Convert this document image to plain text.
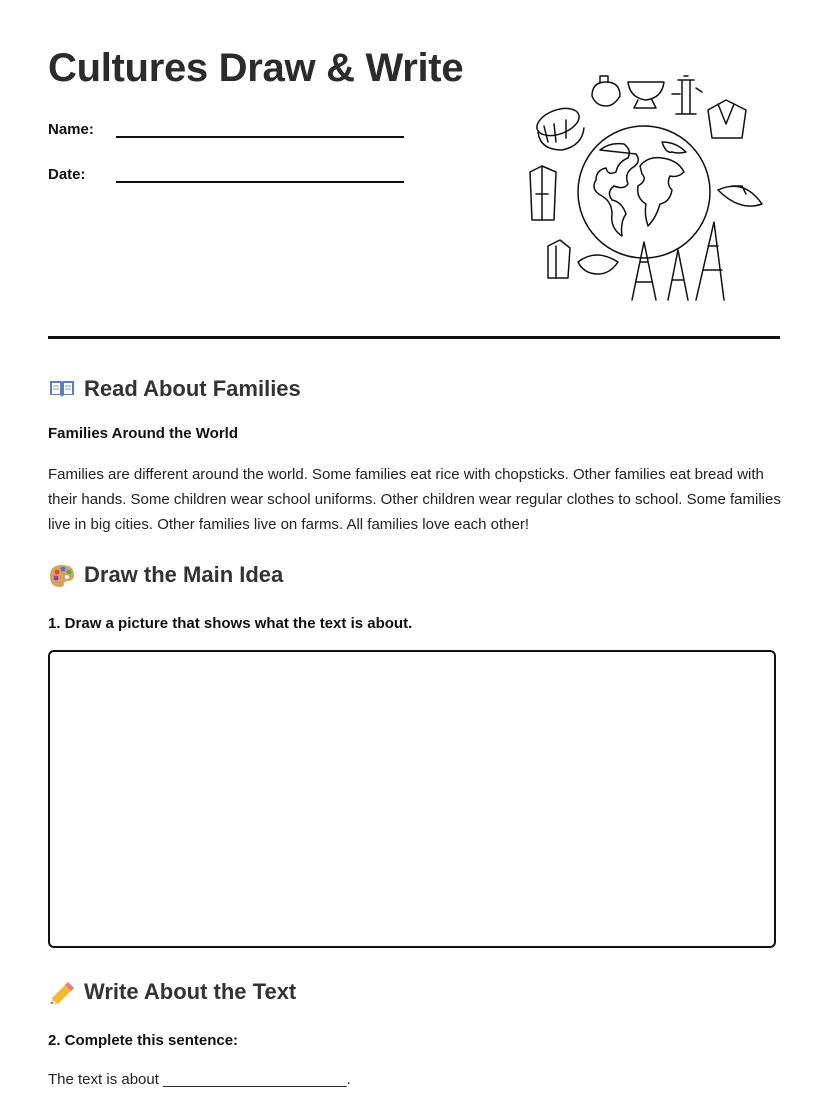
Cultures Draw & Write
Name:
Date:
Read About Families

Families Around the World

Families are different around the world. Some families eat rice with chopsticks. Other families eat bread with their hands. Some children wear school uniforms. Other children wear regular clothes to school. Some families live in big cities. Other families live on farms. All families love each other!

Draw the Main Idea

1. Draw a picture that shows what the text is about.

Write About the Text

2. Complete this sentence:

The text is about ______________________.
